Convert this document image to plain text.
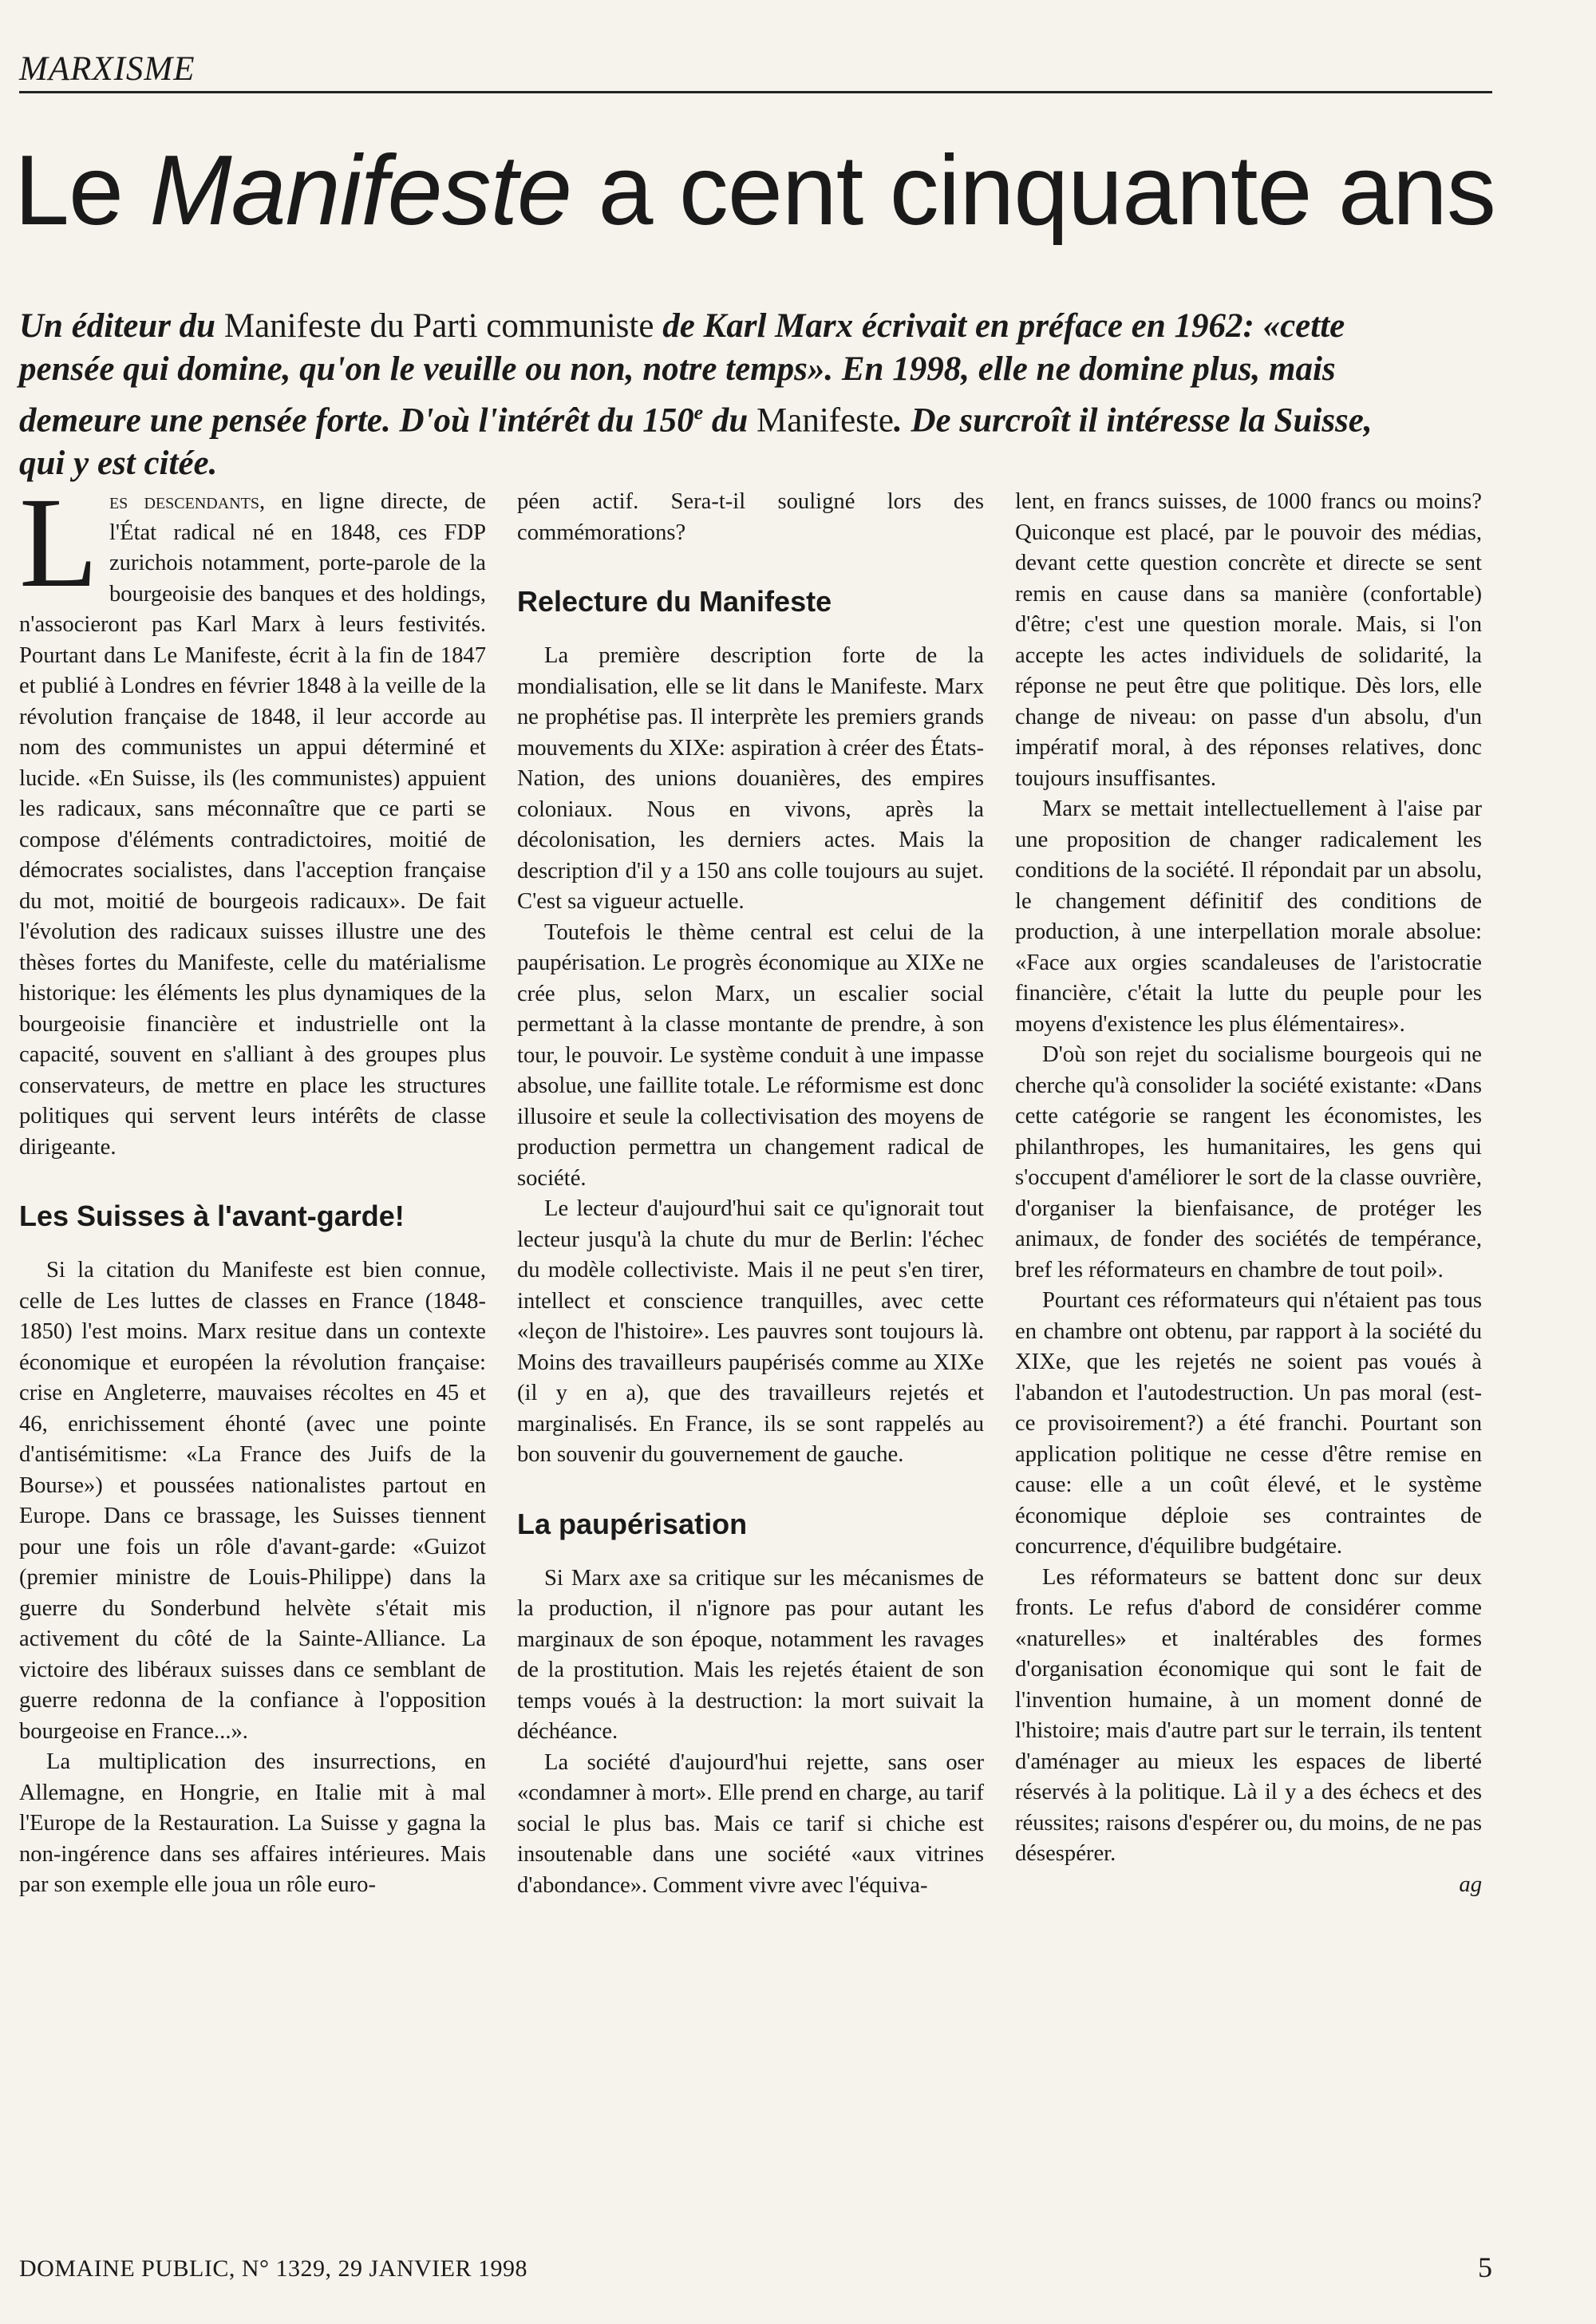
MARXISME
Le Manifeste a cent cinquante ans

Un éditeur du Manifeste du Parti communiste de Karl Marx écrivait en préface en 1962: «cette pensée qui domine, qu'on le veuille ou non, notre temps». En 1998, elle ne domine plus, mais demeure une pensée forte. D'où l'intérêt du 150e du Manifeste. De surcroît il intéresse la Suisse, qui y est citée.

Les descendants, en ligne directe, de l'État radical né en 1848, ces FDP zurichois notamment, porte-parole de la bourgeoisie des banques et des holdings, n'associeront pas Karl Marx à leurs festivités. Pourtant dans Le Manifeste, écrit à la fin de 1847 et publié à Londres en février 1848 à la veille de la révolution française de 1848, il leur accorde au nom des communistes un appui déterminé et lucide. «En Suisse, ils (les communistes) appuient les radicaux, sans méconnaître que ce parti se compose d'éléments contradictoires, moitié de démocrates socialistes, dans l'acception française du mot, moitié de bourgeois radicaux». De fait l'évolution des radicaux suisses illustre une des thèses fortes du Manifeste, celle du matérialisme historique: les éléments les plus dynamiques de la bourgeoisie financière et industrielle ont la capacité, souvent en s'alliant à des groupes plus conservateurs, de mettre en place les structures politiques qui servent leurs intérêts de classe dirigeante.

Les Suisses à l'avant-garde!

Si la citation du Manifeste est bien connue, celle de Les luttes de classes en France (1848-1850) l'est moins. Marx resitue dans un contexte économique et européen la révolution française: crise en Angleterre, mauvaises récoltes en 45 et 46, enrichissement éhonté (avec une pointe d'antisémitisme: «La France des Juifs de la Bourse») et poussées nationalistes partout en Europe. Dans ce brassage, les Suisses tiennent pour une fois un rôle d'avant-garde: «Guizot (premier ministre de Louis-Philippe) dans la guerre du Sonderbund helvète s'était mis activement du côté de la Sainte-Alliance. La victoire des libéraux suisses dans ce semblant de guerre redonna de la confiance à l'opposition bourgeoise en France...».

La multiplication des insurrections, en Allemagne, en Hongrie, en Italie mit à mal l'Europe de la Restauration. La Suisse y gagna la non-ingérence dans ses affaires intérieures. Mais par son exemple elle joua un rôle euro-

péen actif. Sera-t-il souligné lors des commémorations?

Relecture du Manifeste

La première description forte de la mondialisation, elle se lit dans le Manifeste. Marx ne prophétise pas. Il interprète les premiers grands mouvements du XIXe: aspiration à créer des États-Nation, des unions douanières, des empires coloniaux. Nous en vivons, après la décolonisation, les derniers actes. Mais la description d'il y a 150 ans colle toujours au sujet. C'est sa vigueur actuelle.

Toutefois le thème central est celui de la paupérisation. Le progrès économique au XIXe ne crée plus, selon Marx, un escalier social permettant à la classe montante de prendre, à son tour, le pouvoir. Le système conduit à une impasse absolue, une faillite totale. Le réformisme est donc illusoire et seule la collectivisation des moyens de production permettra un changement radical de société.

Le lecteur d'aujourd'hui sait ce qu'ignorait tout lecteur jusqu'à la chute du mur de Berlin: l'échec du modèle collectiviste. Mais il ne peut s'en tirer, intellect et conscience tranquilles, avec cette «leçon de l'histoire». Les pauvres sont toujours là. Moins des travailleurs paupérisés comme au XIXe (il y en a), que des travailleurs rejetés et marginalisés. En France, ils se sont rappelés au bon souvenir du gouvernement de gauche.

La paupérisation

Si Marx axe sa critique sur les mécanismes de la production, il n'ignore pas pour autant les marginaux de son époque, notamment les ravages de la prostitution. Mais les rejetés étaient de son temps voués à la destruction: la mort suivait la déchéance.

La société d'aujourd'hui rejette, sans oser «condamner à mort». Elle prend en charge, au tarif social le plus bas. Mais ce tarif si chiche est insoutenable dans une société «aux vitrines d'abondance». Comment vivre avec l'équiva-

lent, en francs suisses, de 1000 francs ou moins? Quiconque est placé, par le pouvoir des médias, devant cette question concrète et directe se sent remis en cause dans sa manière (confortable) d'être; c'est une question morale. Mais, si l'on accepte les actes individuels de solidarité, la réponse ne peut être que politique. Dès lors, elle change de niveau: on passe d'un absolu, d'un impératif moral, à des réponses relatives, donc toujours insuffisantes.

Marx se mettait intellectuellement à l'aise par une proposition de changer radicalement les conditions de la société. Il répondait par un absolu, le changement définitif des conditions de production, à une interpellation morale absolue: «Face aux orgies scandaleuses de l'aristocratie financière, c'était la lutte du peuple pour les moyens d'existence les plus élémentaires».

D'où son rejet du socialisme bourgeois qui ne cherche qu'à consolider la société existante: «Dans cette catégorie se rangent les économistes, les philanthropes, les humanitaires, les gens qui s'occupent d'améliorer le sort de la classe ouvrière, d'organiser la bienfaisance, de protéger les animaux, de fonder des sociétés de tempérance, bref les réformateurs en chambre de tout poil».

Pourtant ces réformateurs qui n'étaient pas tous en chambre ont obtenu, par rapport à la société du XIXe, que les rejetés ne soient pas voués à l'abandon et l'autodestruction. Un pas moral (est-ce provisoirement?) a été franchi. Pourtant son application politique ne cesse d'être remise en cause: elle a un coût élevé, et le système économique déploie ses contraintes de concurrence, d'équilibre budgétaire.

Les réformateurs se battent donc sur deux fronts. Le refus d'abord de considérer comme «naturelles» et inaltérables des formes d'organisation économique qui sont le fait de l'invention humaine, à un moment donné de l'histoire; mais d'autre part sur le terrain, ils tentent d'aménager au mieux les espaces de liberté réservés à la politique. Là il y a des échecs et des réussites; raisons d'espérer ou, du moins, de ne pas désespérer.

ag
DOMAINE PUBLIC, N° 1329, 29 JANVIER 1998	5
